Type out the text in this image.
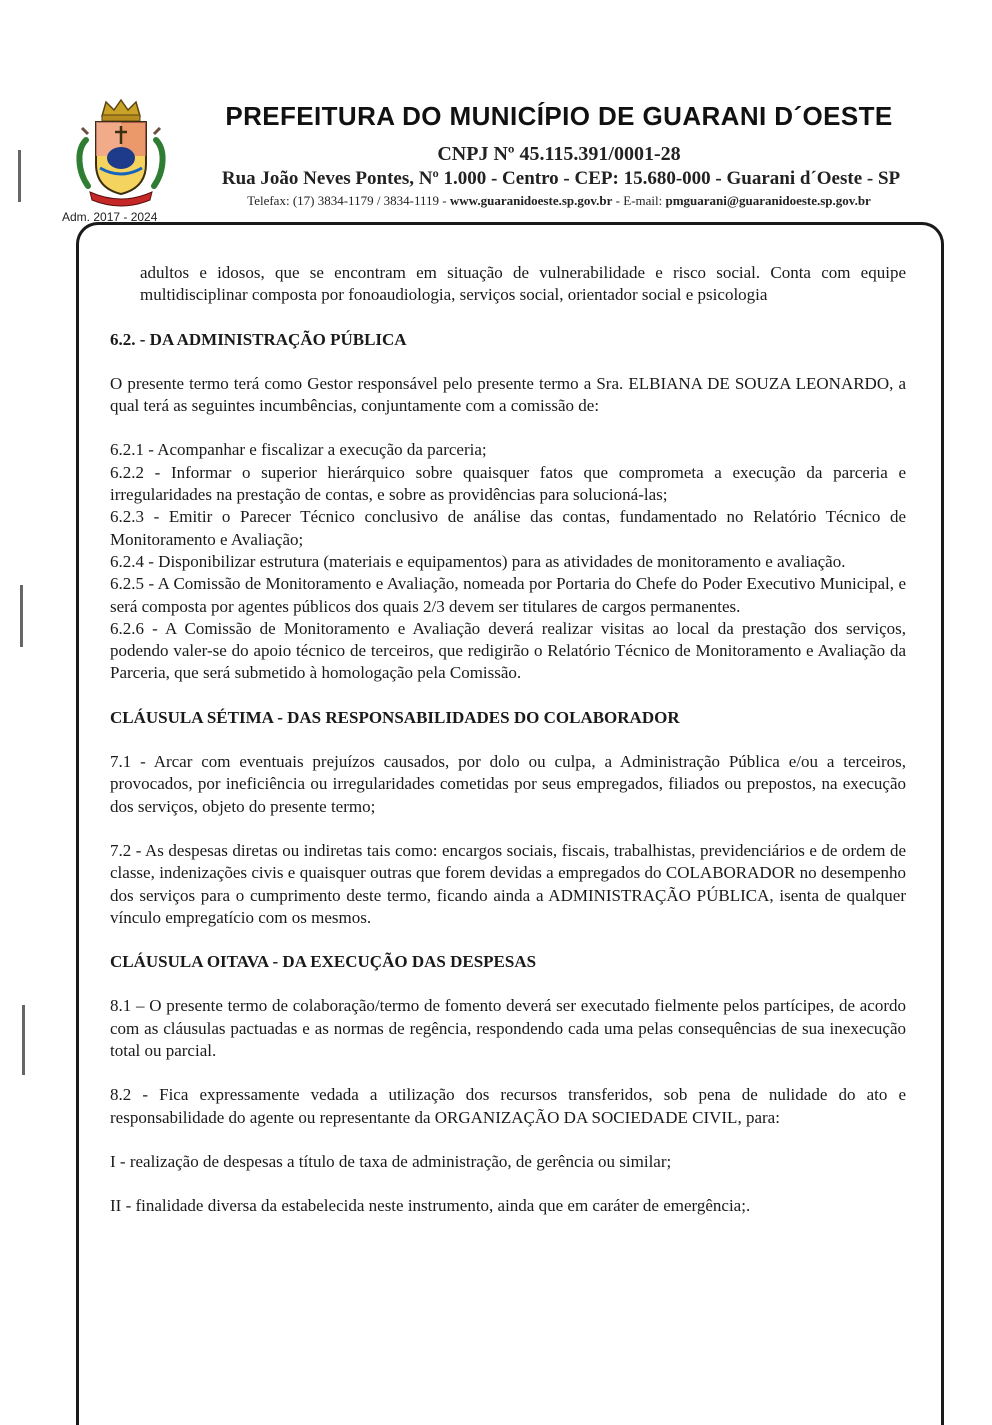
Adm. 2017 - 2024
PREFEITURA DO MUNICÍPIO DE GUARANI D´OESTE
CNPJ Nº 45.115.391/0001-28
Rua João Neves Pontes, Nº 1.000 - Centro - CEP: 15.680-000 - Guarani d´Oeste - SP
Telefax: (17) 3834-1179 / 3834-1119 - www.guaranidoeste.sp.gov.br - E-mail: pmguarani@guaranidoeste.sp.gov.br

adultos e idosos, que se encontram em situação de vulnerabilidade e risco social. Conta com equipe multidisciplinar composta por fonoaudiologia, serviços social, orientador social e psicologia

6.2. - DA ADMINISTRAÇÃO PÚBLICA

O presente termo terá como Gestor responsável pelo presente termo a Sra. ELBIANA DE SOUZA LEONARDO, a qual terá as seguintes incumbências, conjuntamente com a comissão de:

6.2.1 - Acompanhar e fiscalizar a execução da parceria;

6.2.2 - Informar o superior hierárquico sobre quaisquer fatos que comprometa a execução da parceria e irregularidades na prestação de contas, e sobre as providências para solucioná-las;

6.2.3 - Emitir o Parecer Técnico conclusivo de análise das contas, fundamentado no Relatório Técnico de Monitoramento e Avaliação;

6.2.4 - Disponibilizar estrutura (materiais e equipamentos) para as atividades de monitoramento e avaliação.

6.2.5 - A Comissão de Monitoramento e Avaliação, nomeada por Portaria do Chefe do Poder Executivo Municipal, e será composta por agentes públicos dos quais 2/3 devem ser titulares de cargos permanentes.

6.2.6 - A Comissão de Monitoramento e Avaliação deverá realizar visitas ao local da prestação dos serviços, podendo valer-se do apoio técnico de terceiros, que redigirão o Relatório Técnico de Monitoramento e Avaliação da Parceria, que será submetido à homologação pela Comissão.

CLÁUSULA SÉTIMA - DAS RESPONSABILIDADES DO COLABORADOR

7.1 - Arcar com eventuais prejuízos causados, por dolo ou culpa, a Administração Pública e/ou a terceiros, provocados, por ineficiência ou irregularidades cometidas por seus empregados, filiados ou prepostos, na execução dos serviços, objeto do presente termo;

7.2 - As despesas diretas ou indiretas tais como: encargos sociais, fiscais, trabalhistas, previdenciários e de ordem de classe, indenizações civis e quaisquer outras que forem devidas a empregados do COLABORADOR no desempenho dos serviços para o cumprimento deste termo, ficando ainda a ADMINISTRAÇÃO PÚBLICA, isenta de qualquer vínculo empregatício com os mesmos.

CLÁUSULA OITAVA - DA EXECUÇÃO DAS DESPESAS

8.1 – O presente termo de colaboração/termo de fomento deverá ser executado fielmente pelos partícipes, de acordo com as cláusulas pactuadas e as normas de regência, respondendo cada uma pelas consequências de sua inexecução total ou parcial.

8.2 - Fica expressamente vedada a utilização dos recursos transferidos, sob pena de nulidade do ato e responsabilidade do agente ou representante da ORGANIZAÇÃO DA SOCIEDADE CIVIL, para:

I - realização de despesas a título de taxa de administração, de gerência ou similar;

II - finalidade diversa da estabelecida neste instrumento, ainda que em caráter de emergência;.
